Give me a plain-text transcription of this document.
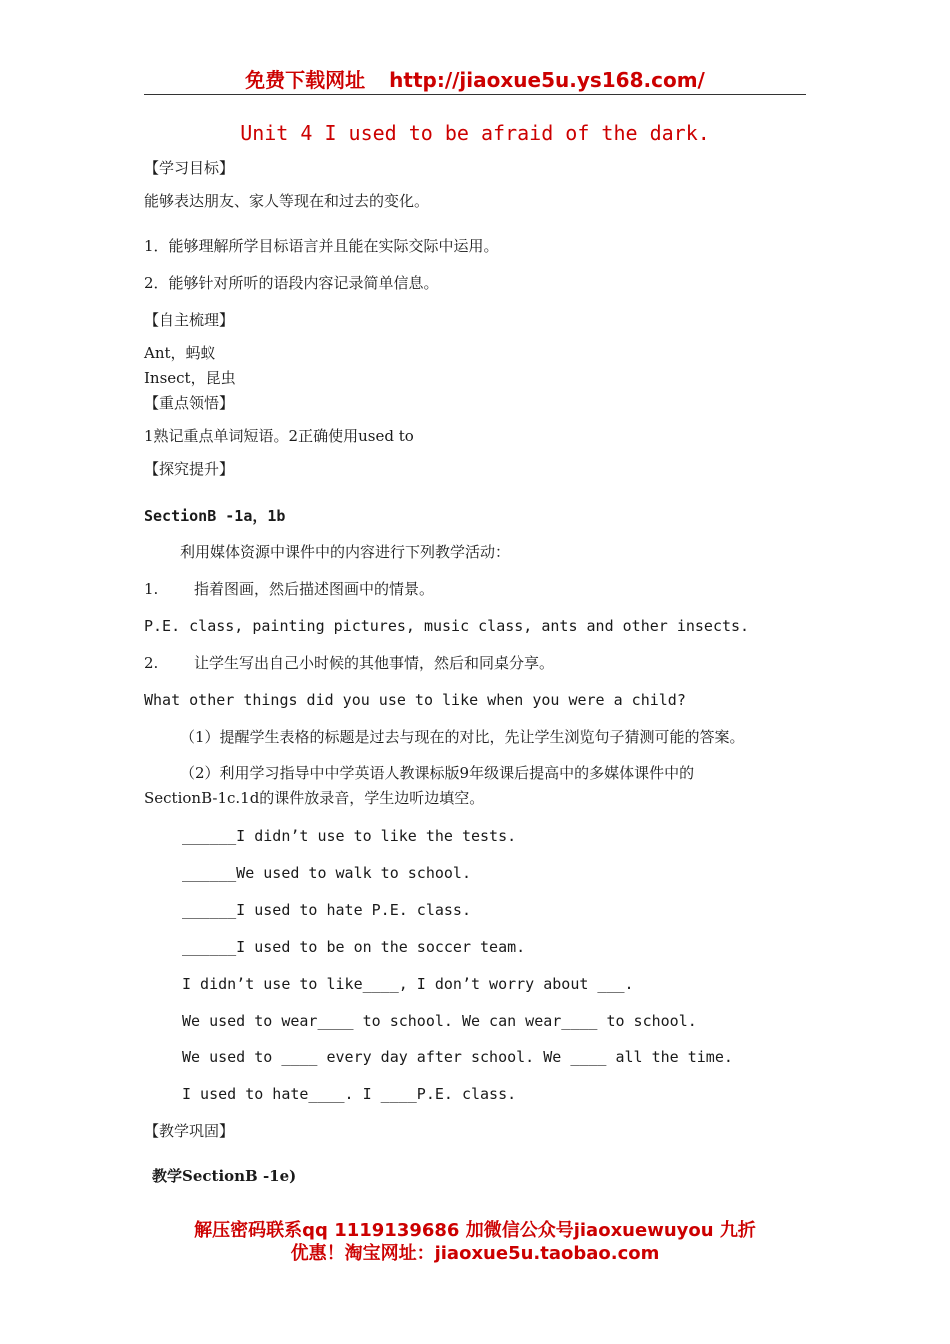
免费下载网址 http://jiaoxue5u.ys168.com/
Unit 4 I used to be afraid of the dark.
【学习目标】
能够表达朋友、家人等现在和过去的变化。
1．能够理解所学目标语言并且能在实际交际中运用。
2．能够针对所听的语段内容记录简单信息。
【自主梳理】
Ant，蚂蚁
Insect，昆虫
【重点领悟】
1熟记重点单词短语。2正确使用used to
【探究提升】
SectionB -1a，1b
利用媒体资源中课件中的内容进行下列教学活动：
1. 指着图画，然后描述图画中的情景。
P.E. class, painting pictures, music class, ants and other insects.
2. 让学生写出自己小时候的其他事情，然后和同桌分享。
What other things did you use to like when you were a child?
（1）提醒学生表格的标题是过去与现在的对比，先让学生浏览句子猜测可能的答案。
（2）利用学习指导中中学英语人教课标版9年级课后提高中的多媒体课件中的
SectionB-1c.1d的课件放录音，学生边听边填空。
______I didn’t use to like the tests.
______We used to walk to school.
______I used to hate P.E. class.
______I used to be on the soccer team.
I didn’t use to like____, I don’t worry about ___.
We used to wear____ to school. We can wear____ to school.
We used to ____ every day after school. We ____ all the time.
I used to hate____. I ____P.E. class.
【教学巩固】
教学SectionB -1e)
解压密码联系qq 1119139686 加微信公众号jiaoxuewuyou 九折
优惠！淘宝网址：jiaoxue5u.taobao.com
